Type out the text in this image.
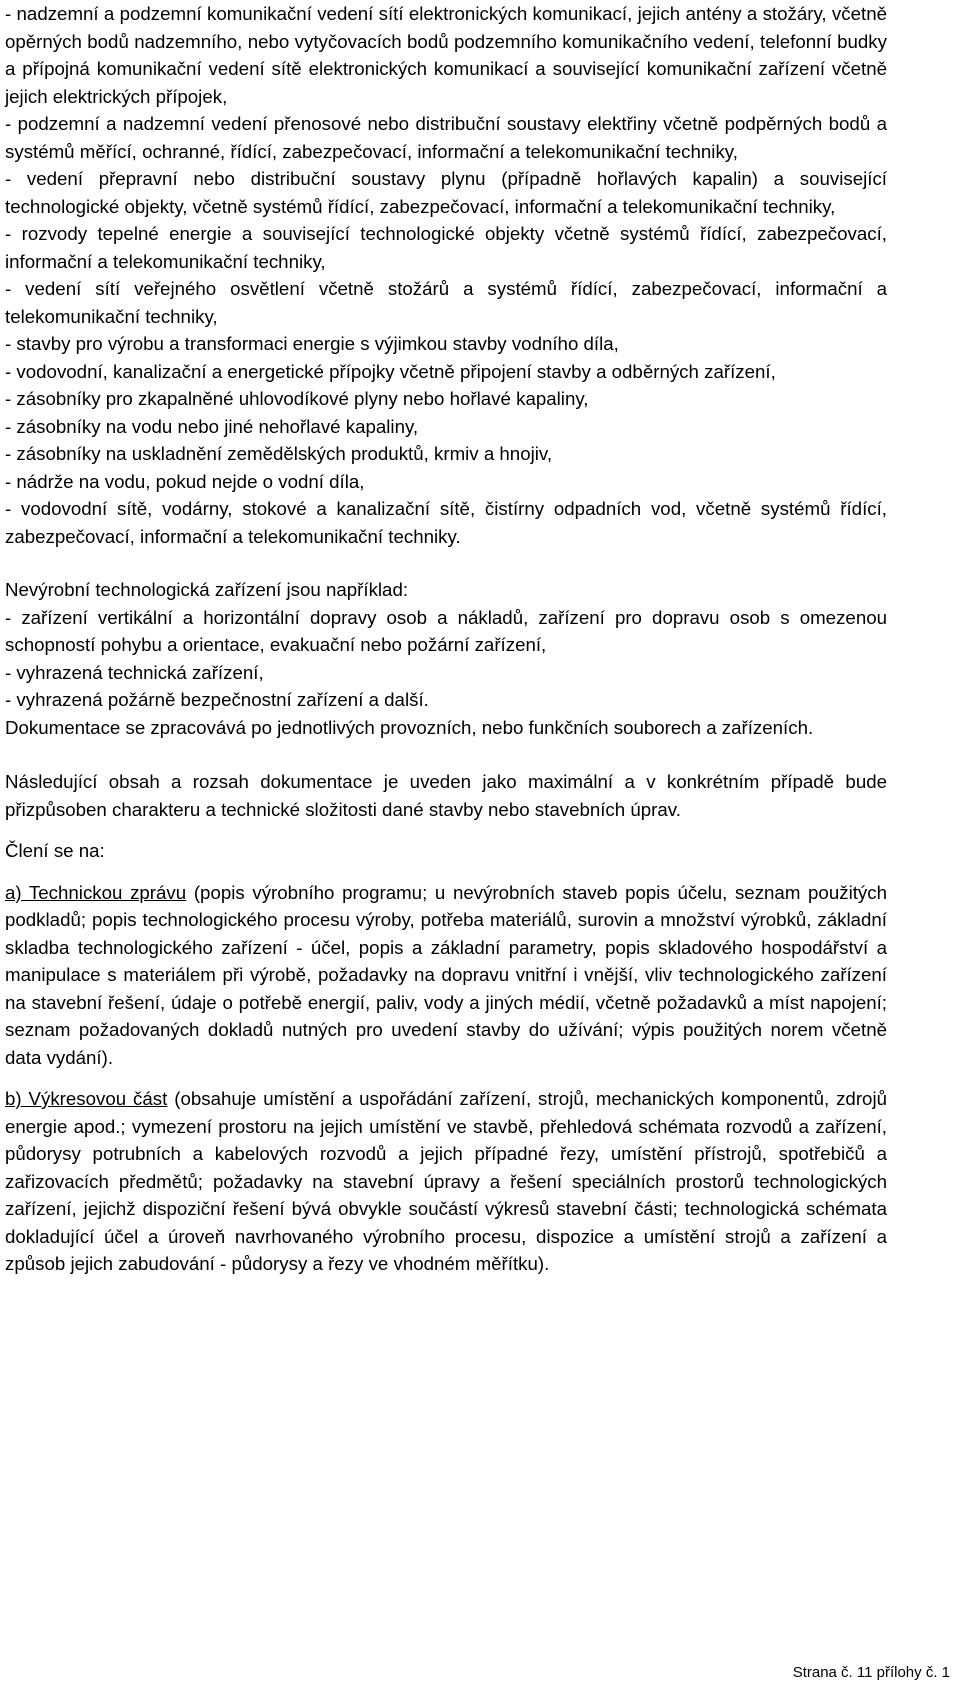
- nadzemní a podzemní komunikační vedení sítí elektronických komunikací, jejich antény a stožáry, včetně opěrných bodů nadzemního, nebo vytyčovacích bodů podzemního komunikačního vedení, telefonní budky a přípojná komunikační vedení sítě elektronických komunikací a související komunikační zařízení včetně jejich elektrických přípojek,

- podzemní a nadzemní vedení přenosové nebo distribuční soustavy elektřiny včetně podpěrných bodů a systémů měřící, ochranné, řídící, zabezpečovací, informační a telekomunikační techniky,

- vedení přepravní nebo distribuční soustavy plynu (případně hořlavých kapalin) a související technologické objekty, včetně systémů řídící, zabezpečovací, informační a telekomunikační techniky,

- rozvody tepelné energie a související technologické objekty včetně systémů řídící, zabezpečovací, informační a telekomunikační techniky,

- vedení sítí veřejného osvětlení včetně stožárů a systémů řídící, zabezpečovací, informační a telekomunikační techniky,

- stavby pro výrobu a transformaci energie s výjimkou stavby vodního díla,

- vodovodní, kanalizační a energetické přípojky včetně připojení stavby a odběrných zařízení,

- zásobníky pro zkapalněné uhlovodíkové plyny nebo hořlavé kapaliny,

- zásobníky na vodu nebo jiné nehořlavé kapaliny,

- zásobníky na uskladnění zemědělských produktů, krmiv a hnojiv,

- nádrže na vodu, pokud nejde o vodní díla,

- vodovodní sítě, vodárny, stokové a kanalizační sítě, čistírny odpadních vod, včetně systémů řídící, zabezpečovací, informační a telekomunikační techniky.

Nevýrobní technologická zařízení jsou například:

- zařízení vertikální a horizontální dopravy osob a nákladů, zařízení pro dopravu osob s omezenou schopností pohybu a orientace, evakuační nebo požární zařízení,

- vyhrazená technická zařízení,

- vyhrazená požárně bezpečnostní zařízení a další.

Dokumentace se zpracovává po jednotlivých provozních, nebo funkčních souborech a zařízeních.

Následující obsah a rozsah dokumentace je uveden jako maximální a v konkrétním případě bude přizpůsoben charakteru a technické složitosti dané stavby nebo stavebních úprav.

Člení se na:

a) Technickou zprávu (popis výrobního programu; u nevýrobních staveb popis účelu, seznam použitých podkladů; popis technologického procesu výroby, potřeba materiálů, surovin a množství výrobků, základní skladba technologického zařízení - účel, popis a základní parametry, popis skladového hospodářství a manipulace s materiálem při výrobě, požadavky na dopravu vnitřní i vnější, vliv technologického zařízení na stavební řešení, údaje o potřebě energií, paliv, vody a jiných médií, včetně požadavků a míst napojení; seznam požadovaných dokladů nutných pro uvedení stavby do užívání; výpis použitých norem včetně data vydání).

b) Výkresovou část (obsahuje umístění a uspořádání zařízení, strojů, mechanických komponentů, zdrojů energie apod.; vymezení prostoru na jejich umístění ve stavbě, přehledová schémata rozvodů a zařízení, půdorysy potrubních a kabelových rozvodů a jejich případné řezy, umístění přístrojů, spotřebičů a zařizovacích předmětů; požadavky na stavební úpravy a řešení speciálních prostorů technologických zařízení, jejichž dispoziční řešení bývá obvykle součástí výkresů stavební části; technologická schémata dokladující účel a úroveň navrhovaného výrobního procesu, dispozice a umístění strojů a zařízení a způsob jejich zabudování - půdorysy a řezy ve vhodném měřítku).

Strana č. 11 přílohy č. 1
